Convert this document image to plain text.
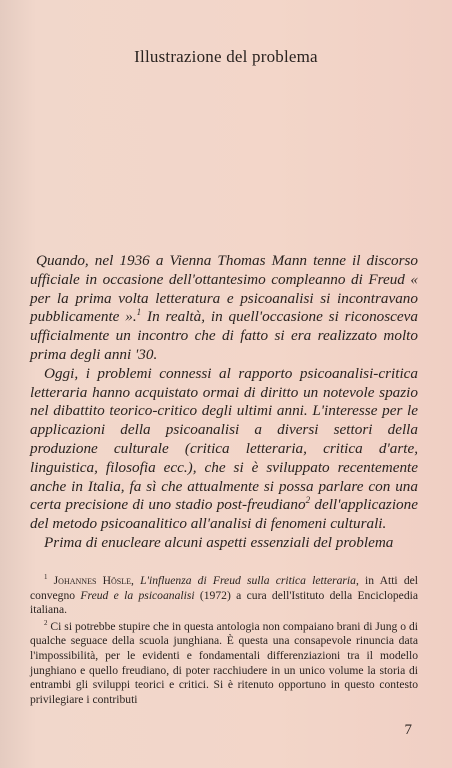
Illustrazione del problema

Quando, nel 1936 a Vienna Thomas Mann tenne il discorso ufficiale in occasione dell'ottantesimo compleanno di Freud « per la prima volta letteratura e psicoanalisi si incontravano pubblicamente ».$^1$ In realtà, in quell'occasione si riconosceva ufficialmente un incontro che di fatto si era realizzato molto prima degli anni '30.

Oggi, i problemi connessi al rapporto psicoanalisi-critica letteraria hanno acquistato ormai di diritto un notevole spazio nel dibattito teorico-critico degli ultimi anni. L'interesse per le applicazioni della psicoanalisi a diversi settori della produzione culturale (critica letteraria, critica d'arte, linguistica, filosofia ecc.), che si è sviluppato recentemente anche in Italia, fa sì che attualmente si possa parlare con una certa precisione di uno stadio post-freudiano$^2$ dell'applicazione del metodo psicoanalitico all'analisi di fenomeni culturali.

Prima di enucleare alcuni aspetti essenziali del problema

$^1$ Johannes Hösle, L'influenza di Freud sulla critica letteraria, in Atti del convegno Freud e la psicoanalisi (1972) a cura dell'Istituto della Enciclopedia italiana.

$^2$ Ci si potrebbe stupire che in questa antologia non compaiano brani di Jung o di qualche seguace della scuola junghiana. È questa una consapevole rinuncia data l'impossibilità, per le evidenti e fondamentali differenziazioni tra il modello junghiano e quello freudiano, di poter racchiudere in un unico volume la storia di entrambi gli sviluppi teorici e critici. Si è ritenuto opportuno in questo contesto privilegiare i contributi

7
